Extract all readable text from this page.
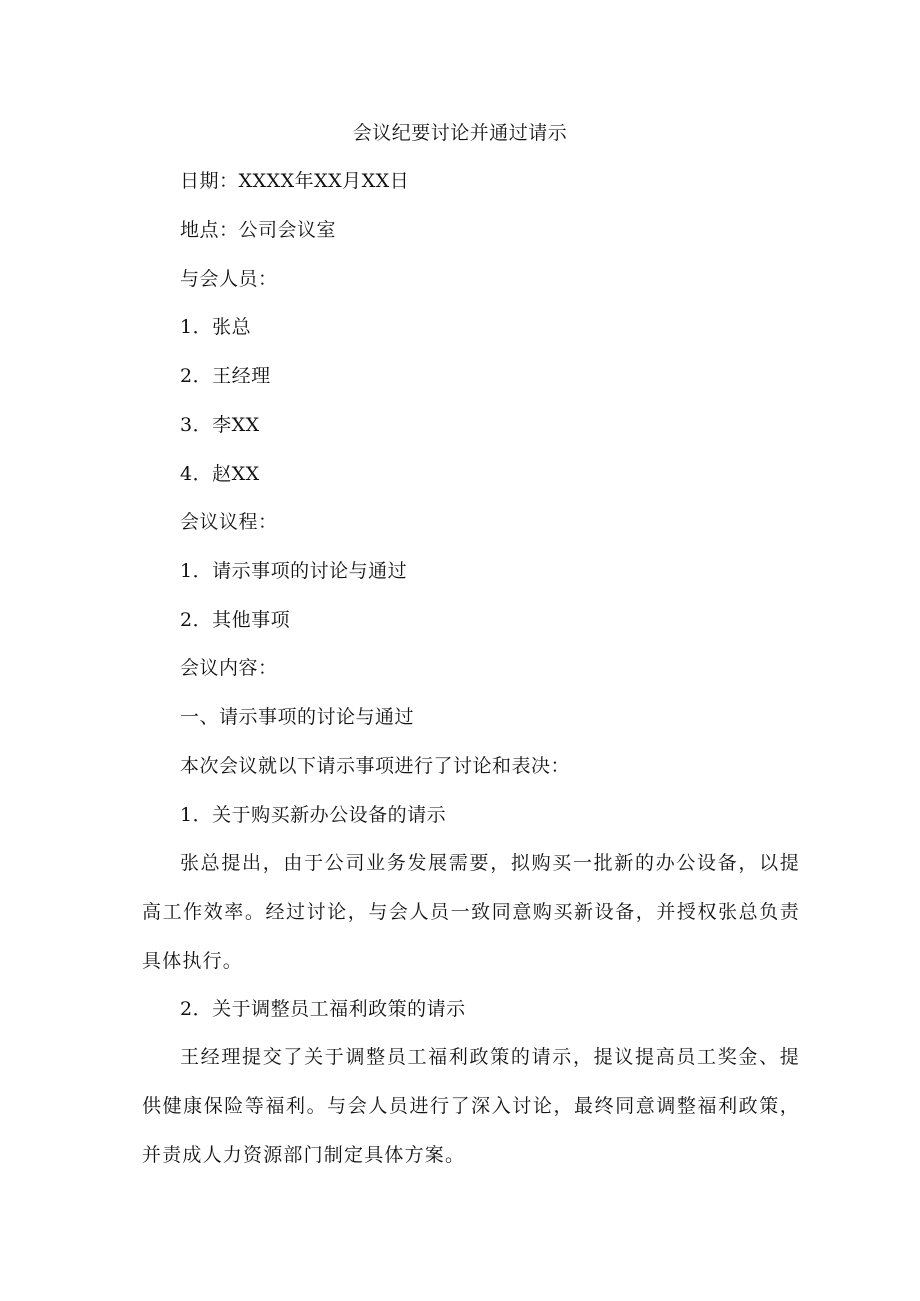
会议纪要讨论并通过请示
日期：XXXX年XX月XX日
地点：公司会议室
与会人员：
1．张总
2．王经理
3．李XX
4．赵XX
会议议程：
1．请示事项的讨论与通过
2．其他事项
会议内容：
一、请示事项的讨论与通过
本次会议就以下请示事项进行了讨论和表决：
1．关于购买新办公设备的请示
张总提出，由于公司业务发展需要，拟购买一批新的办公设备，以提高工作效率。经过讨论，与会人员一致同意购买新设备，并授权张总负责具体执行。
2．关于调整员工福利政策的请示
王经理提交了关于调整员工福利政策的请示，提议提高员工奖金、提供健康保险等福利。与会人员进行了深入讨论，最终同意调整福利政策，并责成人力资源部门制定具体方案。
